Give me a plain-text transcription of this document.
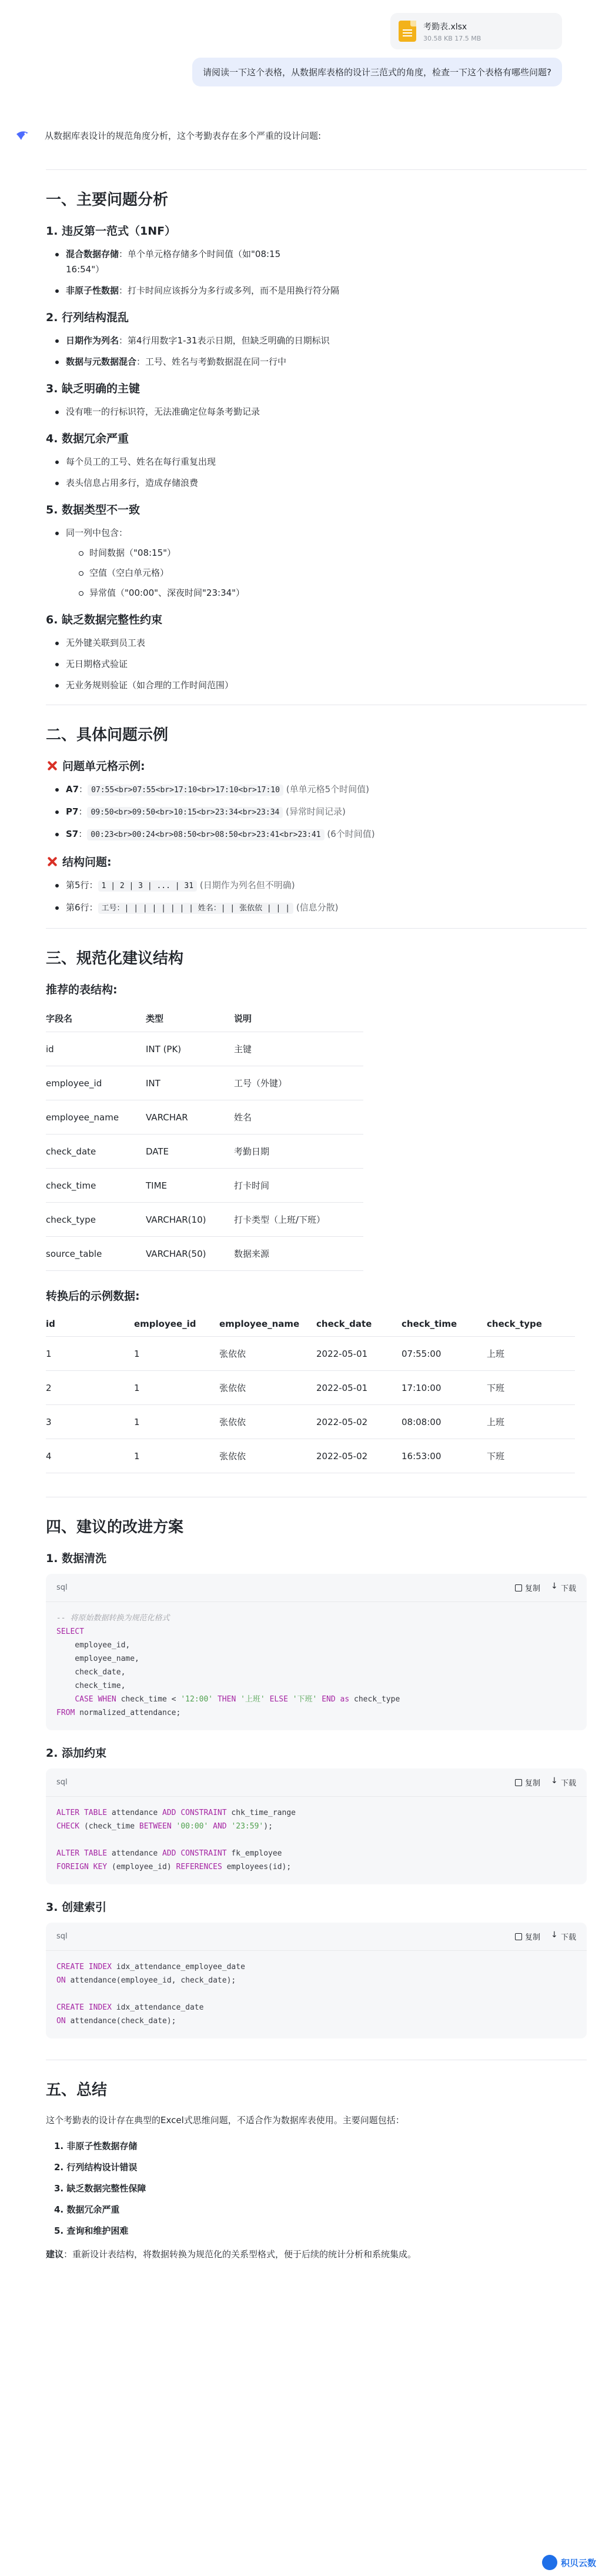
考勤表.xlsx
30.58 KB 17.5 MB
请阅读一下这个表格，从数据库表格的设计三范式的角度，检查一下这个表格有哪些问题?
从数据库表设计的规范角度分析，这个考勤表存在多个严重的设计问题:
一、主要问题分析
1. 违反第一范式（1NF）
混合数据存储：单个单元格存储多个时间值（如"08:15
16:54"）
非原子性数据：打卡时间应该拆分为多行或多列，而不是用换行符分隔
2. 行列结构混乱
日期作为列名：第4行用数字1-31表示日期，但缺乏明确的日期标识
数据与元数据混合：工号、姓名与考勤数据混在同一行中
3. 缺乏明确的主键
没有唯一的行标识符，无法准确定位每条考勤记录
4. 数据冗余严重
每个员工的工号、姓名在每行重复出现
表头信息占用多行，造成存储浪费
5. 数据类型不一致
同一列中包含：
时间数据（"08:15"）
空值（空白单元格）
异常值（"00:00"、深夜时间"23:34"）
6. 缺乏数据完整性约束
无外键关联到员工表
无日期格式验证
无业务规则验证（如合理的工作时间范围）
二、具体问题示例
问题单元格示例:
A7： 07:55<br>07:55<br>17:10<br>17:10<br>17:10 (单单元格5个时间值)
P7： 09:50<br>09:50<br>10:15<br>23:34<br>23:34 (异常时间记录)
S7： 00:23<br>00:24<br>08:50<br>08:50<br>23:41<br>23:41 (6个时间值)
结构问题:
第5行： 1 | 2 | 3 | ... | 31 (日期作为列名但不明确)
第6行： 工号：| | | | | | | | 姓名：| | 张依依 | | | (信息分散)
三、规范化建议结构
推荐的表结构:
字段名	类型	说明
id	INT (PK)	主键
employee_id	INT	工号（外键）
employee_name	VARCHAR	姓名
check_date	DATE	考勤日期
check_time	TIME	打卡时间
check_type	VARCHAR(10)	打卡类型（上班/下班）
source_table	VARCHAR(50)	数据来源
转换后的示例数据:
id	employee_id	employee_name	check_date	check_time	check_type
1	1	张依依	2022-05-01	07:55:00	上班
2	1	张依依	2022-05-01	17:10:00	下班
3	1	张依依	2022-05-02	08:08:00	上班
4	1	张依依	2022-05-02	16:53:00	下班
四、建议的改进方案
1. 数据清洗
sql	复制 ↓	下载
-- 将原始数据转换为规范化格式
SELECT
employee_id,
employee_name,
check_date,
check_time,
CASE WHEN check_time < '12:00' THEN '上班' ELSE '下班' END as check_type
FROM normalized_attendance;
2. 添加约束
sql	复制 ↓	下载
ALTER TABLE attendance ADD CONSTRAINT chk_time_range
CHECK (check_time BETWEEN '00:00' AND '23:59');

ALTER TABLE attendance ADD CONSTRAINT fk_employee
FOREIGN KEY (employee_id) REFERENCES employees(id);
3. 创建索引
sql	复制 ↓	下载
CREATE INDEX idx_attendance_employee_date
ON attendance(employee_id, check_date);

CREATE INDEX idx_attendance_date
ON attendance(check_date);
五、总结

这个考勤表的设计存在典型的Excel式思维问题，不适合作为数据库表使用。主要问题包括：

1. 非原子性数据存储
2. 行列结构设计错误
3. 缺乏数据完整性保障
4. 数据冗余严重
5. 查询和维护困难

建议：重新设计表结构，将数据转换为规范化的关系型格式，便于后续的统计分析和系统集成。

积贝云数
